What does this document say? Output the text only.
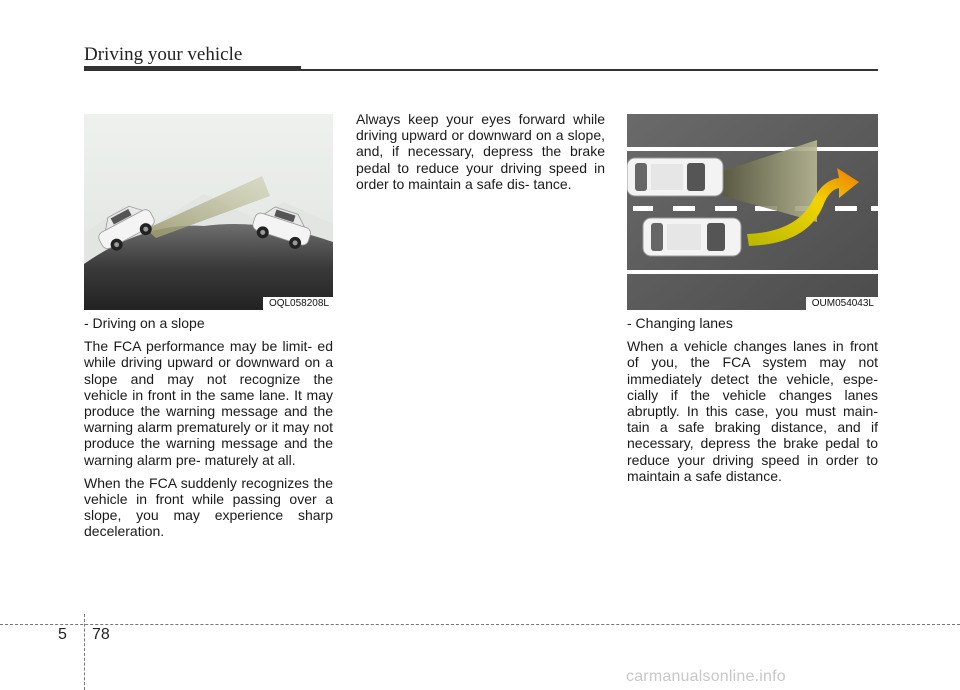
Driving your vehicle
OQL058208L	OUM054043L

- Driving on a slope

The FCA performance may be limit- ed while driving upward or downward on a slope and may not recognize the vehicle in front in the same lane. It may produce the warning message and the warning alarm prematurely or it may not produce the warning message and the warning alarm pre- maturely at all.

When the FCA suddenly recognizes the vehicle in front while passing over a slope, you may experience sharp deceleration.

Always keep your eyes forward while driving upward or downward on a slope, and, if necessary, depress the brake pedal to reduce your driving speed in order to maintain a safe dis- tance.

- Changing lanes

When a vehicle changes lanes in front of you, the FCA system may not immediately detect the vehicle, espe- cially if the vehicle changes lanes abruptly. In this case, you must main- tain a safe braking distance, and if necessary, depress the brake pedal to reduce your driving speed in order to maintain a safe distance.

5 78
carmanualsonline.info
